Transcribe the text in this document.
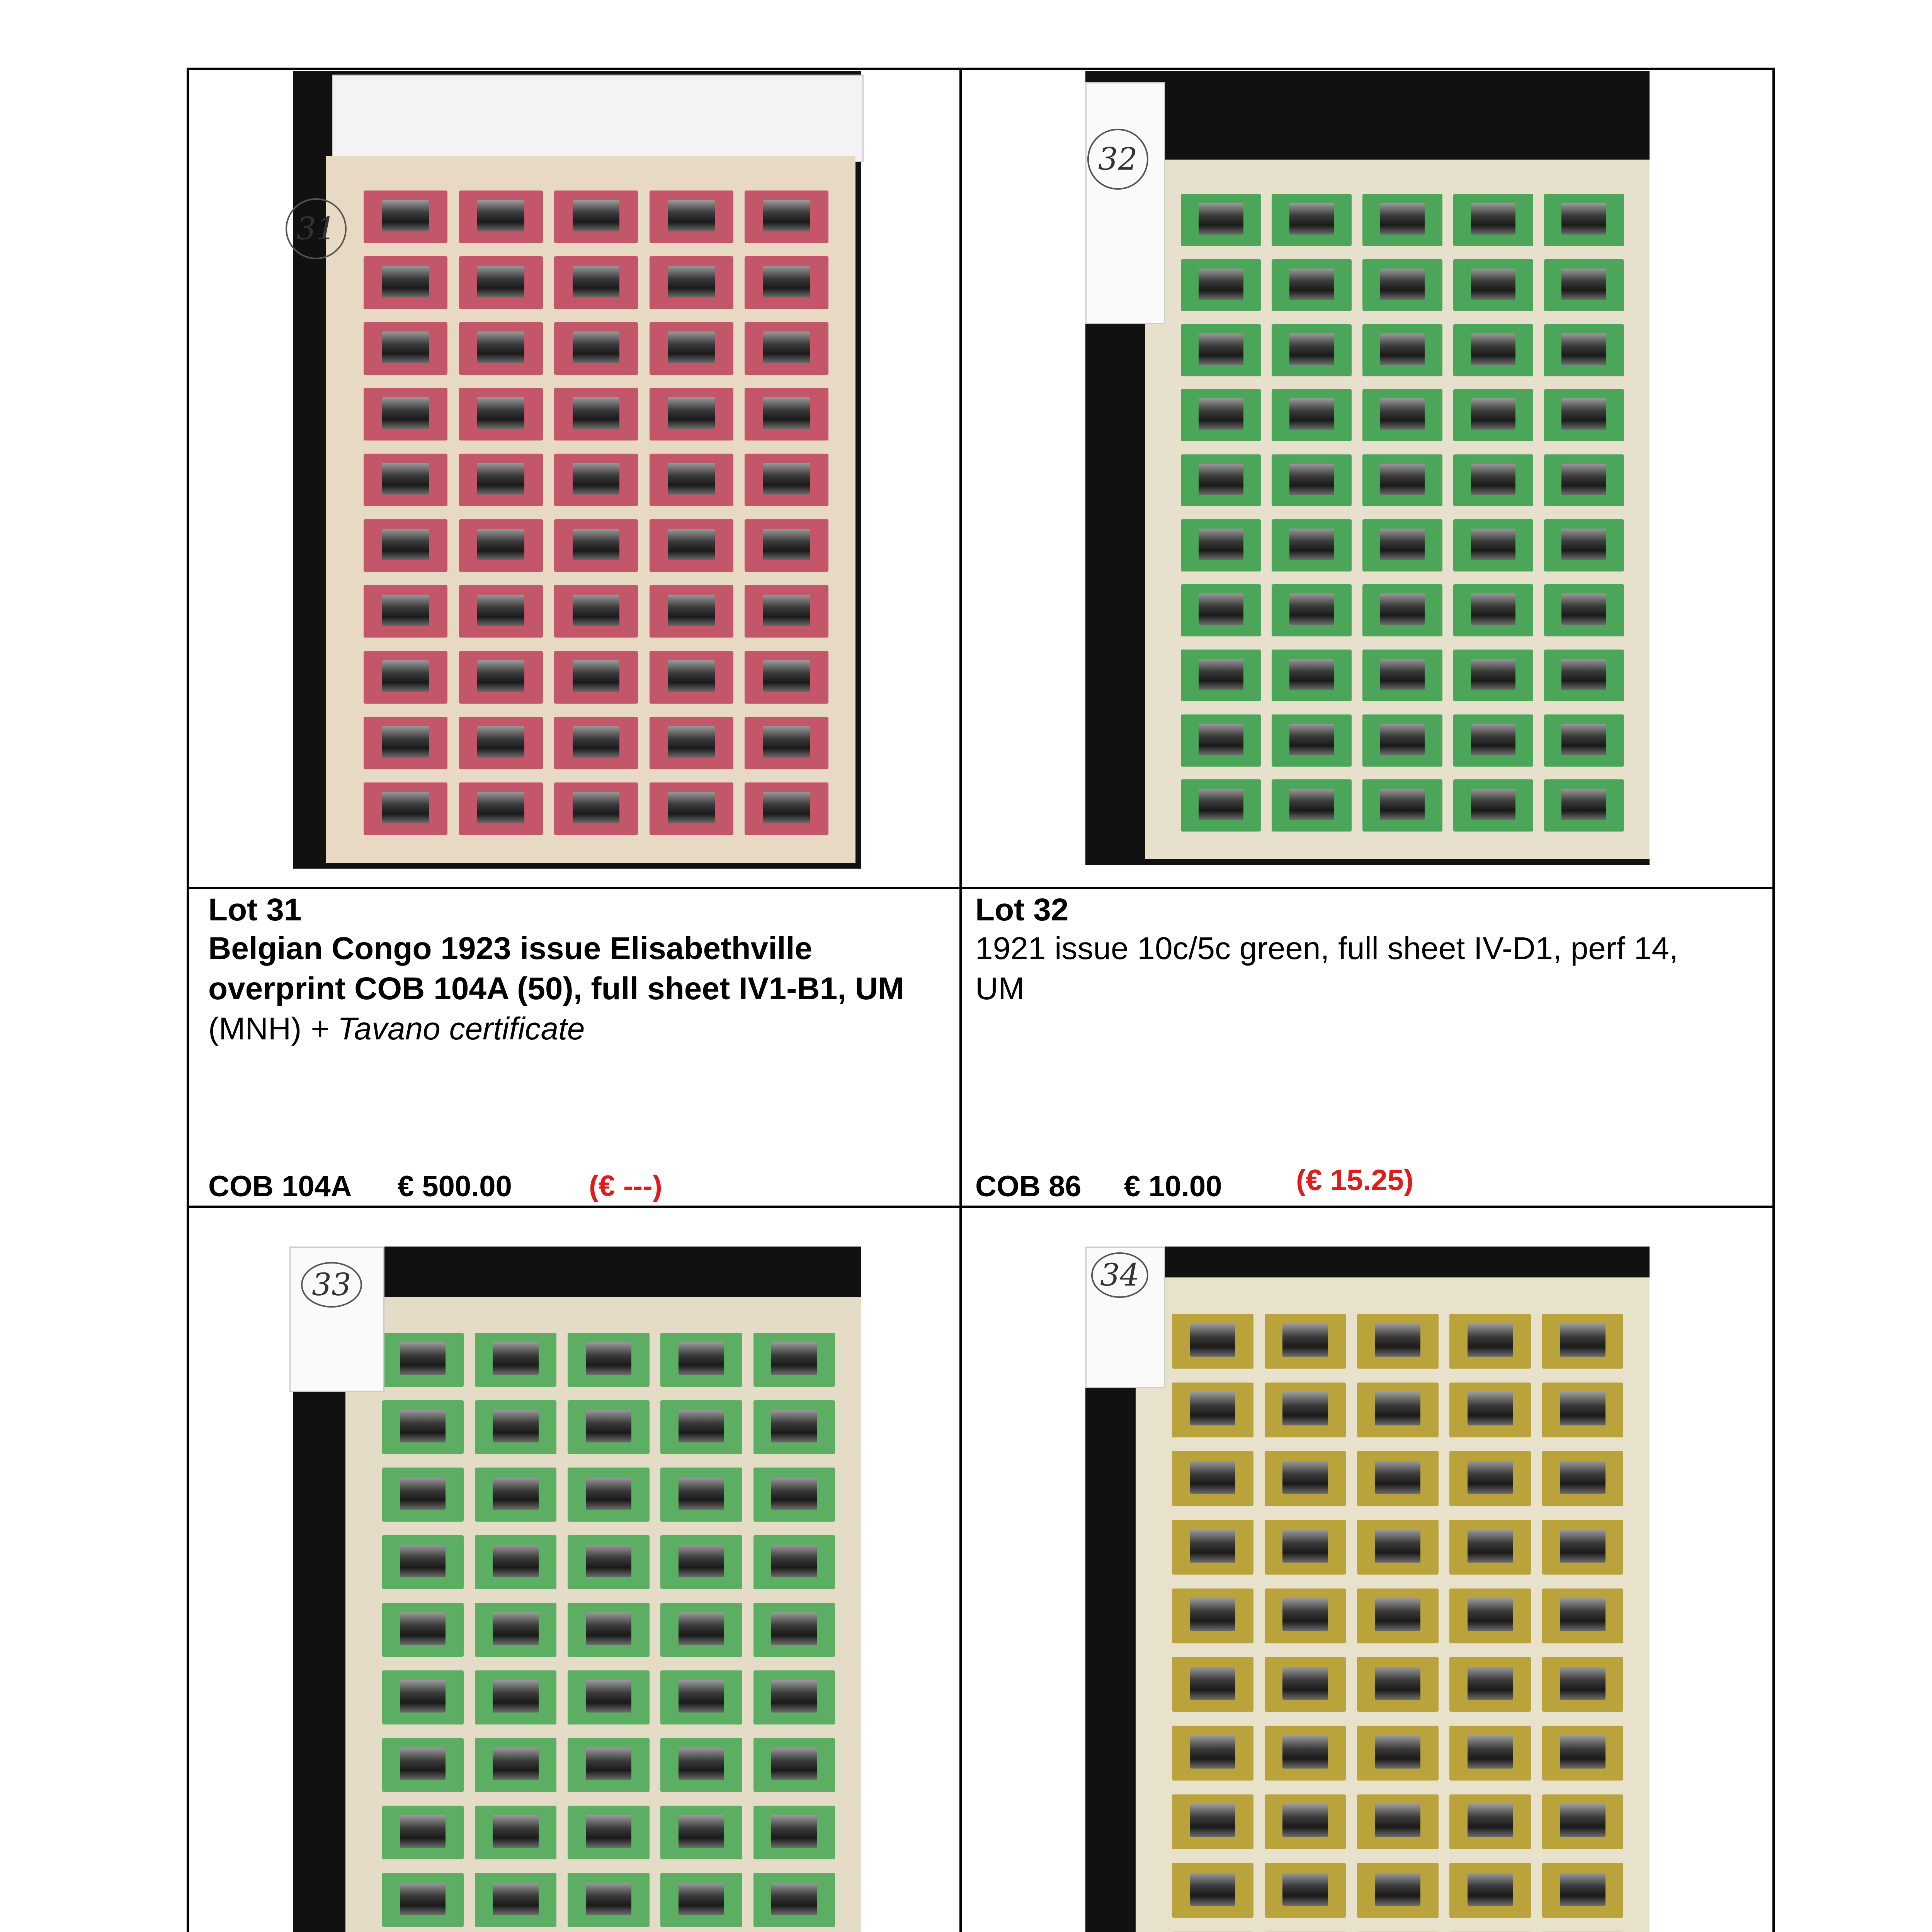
31
32
Lot 31
Belgian Congo 1923 issue Elisabethville overprint COB 104A (50), full sheet IV1-B1, UM (MNH) + Tavano certificate
COB 104A € 500.00	(€ ---)
Lot 32
1921 issue 10c/5c green, full sheet IV-D1, perf 14, UM
COB 86 € 10.00	(€ 15.25)
33	34
